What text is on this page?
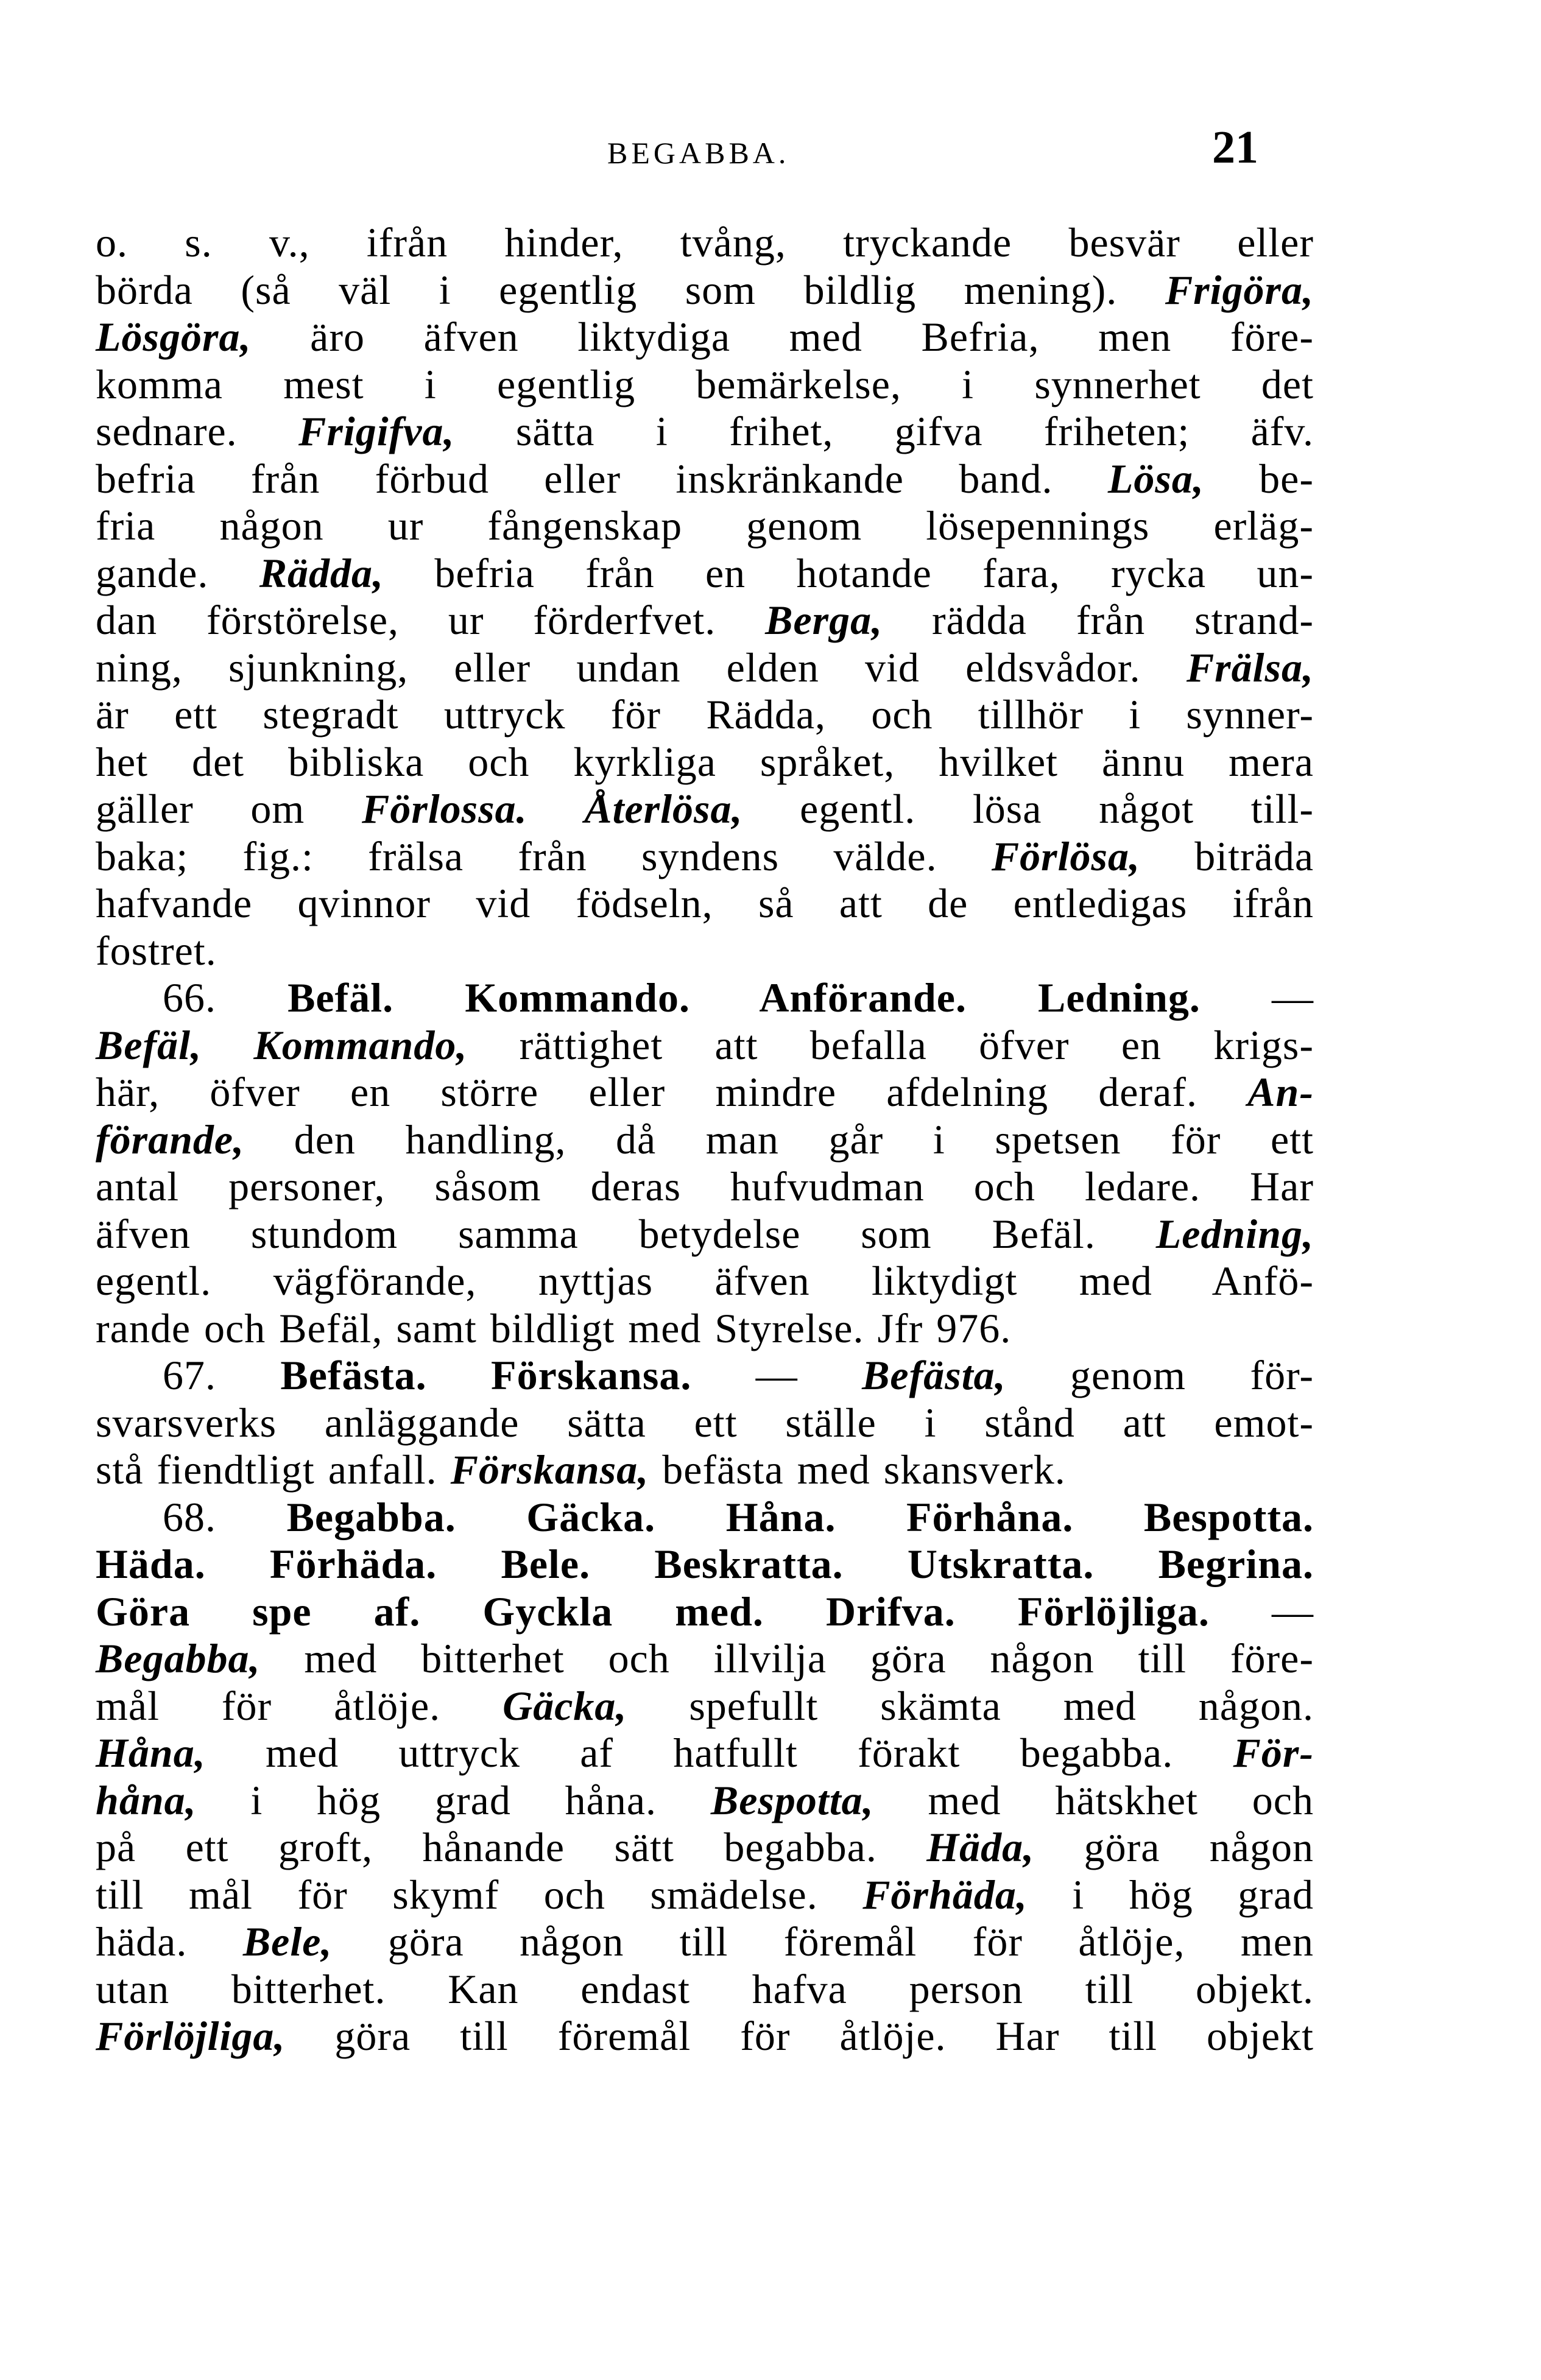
BEGABBA.	21
o. s. v., ifrån hinder, tvång, tryckande besvär eller
börda (så väl i egentlig som bildlig mening). Frigöra,
Lösgöra, äro äfven liktydiga med Befria, men före-
komma mest i egentlig bemärkelse, i synnerhet det
sednare. Frigifva, sätta i frihet, gifva friheten; äfv.
befria från förbud eller inskränkande band. Lösa, be-
fria någon ur fångenskap genom lösepennings erläg-
gande. Rädda, befria från en hotande fara, rycka un-
dan förstörelse, ur förderfvet. Berga, rädda från strand-
ning, sjunkning, eller undan elden vid eldsvådor. Frälsa,
är ett stegradt uttryck för Rädda, och tillhör i synner-
het det bibliska och kyrkliga språket, hvilket ännu mera
gäller om Förlossa. Återlösa, egentl. lösa något till-
baka; fig.: frälsa från syndens välde. Förlösa, biträda
hafvande qvinnor vid födseln, så att de entledigas ifrån
fostret.
66. Befäl. Kommando. Anförande. Ledning. —
Befäl, Kommando, rättighet att befalla öfver en krigs-
här, öfver en större eller mindre afdelning deraf. An-
förande, den handling, då man går i spetsen för ett
antal personer, såsom deras hufvudman och ledare. Har
äfven stundom samma betydelse som Befäl. Ledning,
egentl. vägförande, nyttjas äfven liktydigt med Anfö-
rande och Befäl, samt bildligt med Styrelse. Jfr 976.
67. Befästa. Förskansa. — Befästa, genom för-
svarsverks anläggande sätta ett ställe i stånd att emot-
stå fiendtligt anfall. Förskansa, befästa med skansverk.
68. Begabba. Gäcka. Håna. Förhåna. Bespotta.
Häda. Förhäda. Bele. Beskratta. Utskratta. Begrina.
Göra spe af. Gyckla med. Drifva. Förlöjliga. —
Begabba, med bitterhet och illvilja göra någon till före-
mål för åtlöje. Gäcka, spefullt skämta med någon.
Håna, med uttryck af hatfullt förakt begabba. För-
håna, i hög grad håna. Bespotta, med hätskhet och
på ett groft, hånande sätt begabba. Häda, göra någon
till mål för skymf och smädelse. Förhäda, i hög grad
häda. Bele, göra någon till föremål för åtlöje, men
utan bitterhet. Kan endast hafva person till objekt.
Förlöjliga, göra till föremål för åtlöje. Har till objekt
